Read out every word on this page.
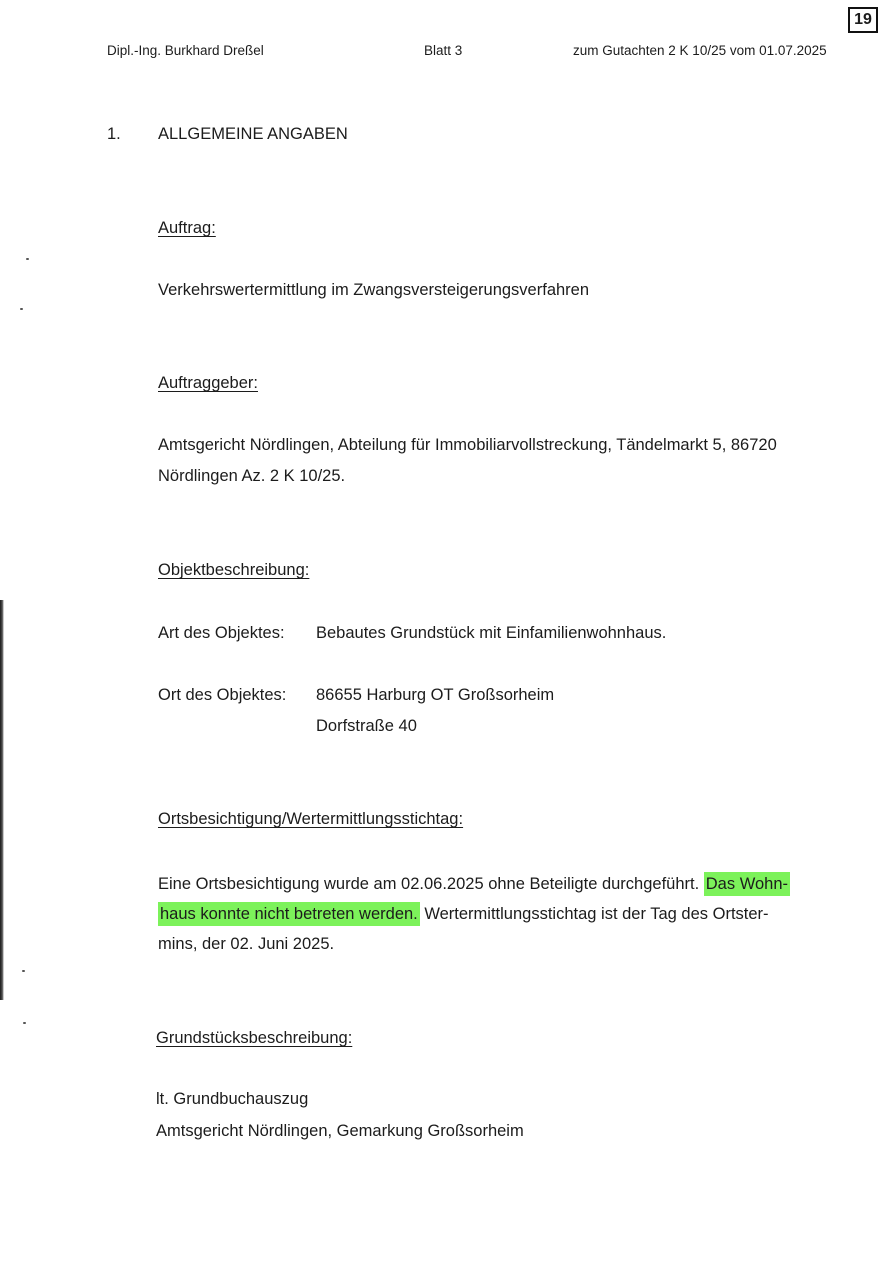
Dipl.-Ing. Burkhard Dreßel	Blatt 3	zum Gutachten 2 K 10/25 vom 01.07.2025
19
1. ALLGEMEINE ANGABEN
Auftrag:
Verkehrswertermittlung im Zwangsversteigerungsverfahren
Auftraggeber:
Amtsgericht Nördlingen, Abteilung für Immobiliarvollstreckung, Tändelmarkt 5, 86720
Nördlingen Az. 2 K 10/25.
Objektbeschreibung:
Art des Objektes: Bebautes Grundstück mit Einfamilienwohnhaus.
Ort des Objektes: 86655 Harburg OT Großsorheim
Dorfstraße 40
Ortsbesichtigung/Wertermittlungsstichtag:
Eine Ortsbesichtigung wurde am 02.06.2025 ohne Beteiligte durchgeführt. Das Wohn-
haus konnte nicht betreten werden. Wertermittlungsstichtag ist der Tag des Ortster-
mins, der 02. Juni 2025.
Grundstücksbeschreibung:
lt. Grundbuchauszug
Amtsgericht Nördlingen, Gemarkung Großsorheim
